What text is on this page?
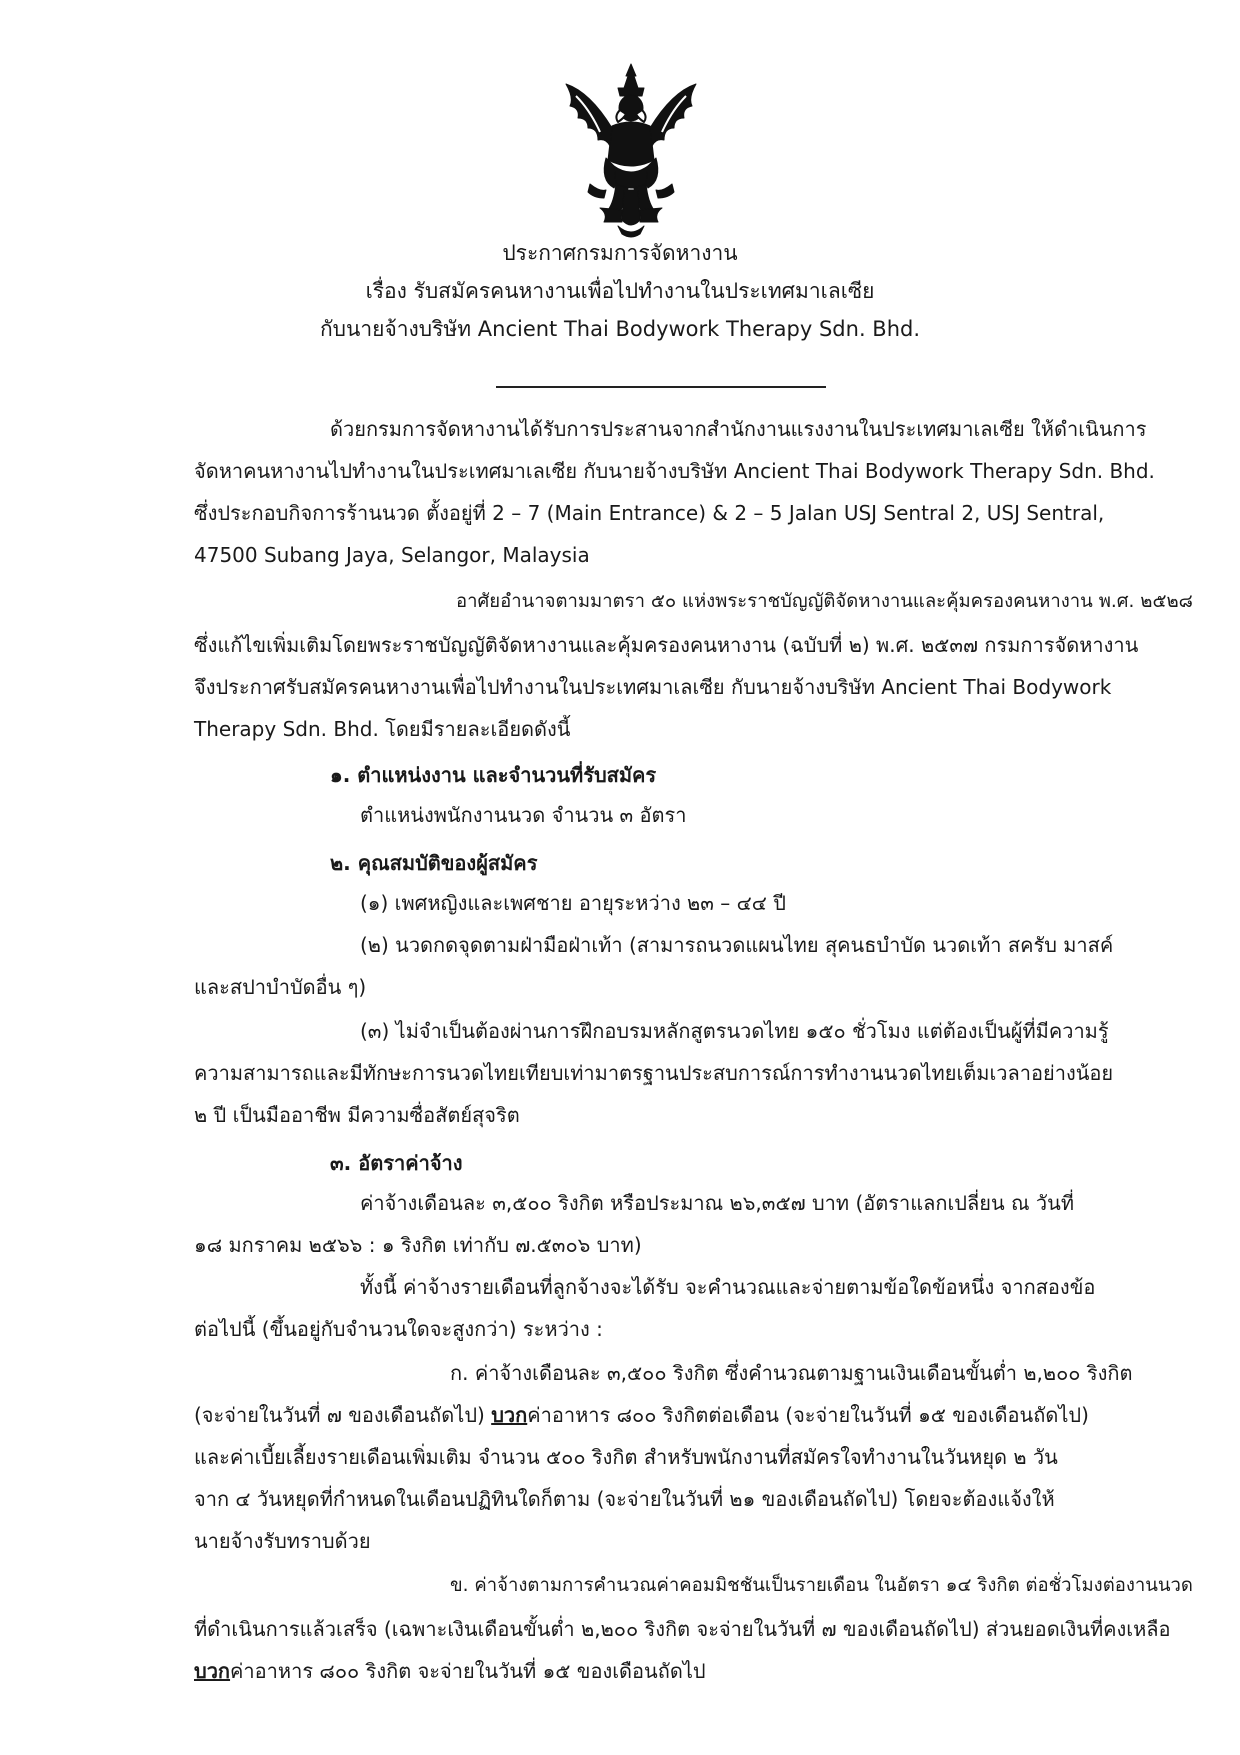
ประกาศกรมการจัดหางาน
เรื่อง รับสมัครคนหางานเพื่อไปทำงานในประเทศมาเลเซีย
กับนายจ้างบริษัท Ancient Thai Bodywork Therapy Sdn. Bhd.
ด้วยกรมการจัดหางานได้รับการประสานจากสำนักงานแรงงานในประเทศมาเลเซีย ให้ดำเนินการ
จัดหาคนหางานไปทำงานในประเทศมาเลเซีย กับนายจ้างบริษัท Ancient Thai Bodywork Therapy Sdn. Bhd.
ซึ่งประกอบกิจการร้านนวด ตั้งอยู่ที่ 2 – 7 (Main Entrance) & 2 – 5 Jalan USJ Sentral 2, USJ Sentral,
47500 Subang Jaya, Selangor, Malaysia
อาศัยอำนาจตามมาตรา ๕๐ แห่งพระราชบัญญัติจัดหางานและคุ้มครองคนหางาน พ.ศ. ๒๕๒๘
ซึ่งแก้ไขเพิ่มเติมโดยพระราชบัญญัติจัดหางานและคุ้มครองคนหางาน (ฉบับที่ ๒) พ.ศ. ๒๕๓๗ กรมการจัดหางาน
จึงประกาศรับสมัครคนหางานเพื่อไปทำงานในประเทศมาเลเซีย กับนายจ้างบริษัท Ancient Thai Bodywork
Therapy Sdn. Bhd. โดยมีรายละเอียดดังนี้
๑. ตำแหน่งงาน และจำนวนที่รับสมัคร
ตำแหน่งพนักงานนวด จำนวน ๓ อัตรา
๒. คุณสมบัติของผู้สมัคร
(๑) เพศหญิงและเพศชาย อายุระหว่าง ๒๓ – ๔๔ ปี
(๒) นวดกดจุดตามฝ่ามือฝ่าเท้า (สามารถนวดแผนไทย สุคนธบำบัด นวดเท้า สครับ มาสค์
และสปาบำบัดอื่น ๆ)
(๓) ไม่จำเป็นต้องผ่านการฝึกอบรมหลักสูตรนวดไทย ๑๕๐ ชั่วโมง แต่ต้องเป็นผู้ที่มีความรู้
ความสามารถและมีทักษะการนวดไทยเทียบเท่ามาตรฐานประสบการณ์การทำงานนวดไทยเต็มเวลาอย่างน้อย
๒ ปี เป็นมืออาชีพ มีความซื่อสัตย์สุจริต
๓. อัตราค่าจ้าง
ค่าจ้างเดือนละ ๓,๕๐๐ ริงกิต หรือประมาณ ๒๖,๓๕๗ บาท (อัตราแลกเปลี่ยน ณ วันที่
๑๘ มกราคม ๒๕๖๖ : ๑ ริงกิต เท่ากับ ๗.๕๓๐๖ บาท)
ทั้งนี้ ค่าจ้างรายเดือนที่ลูกจ้างจะได้รับ จะคำนวณและจ่ายตามข้อใดข้อหนึ่ง จากสองข้อ
ต่อไปนี้ (ขึ้นอยู่กับจำนวนใดจะสูงกว่า) ระหว่าง :
ก. ค่าจ้างเดือนละ ๓,๕๐๐ ริงกิต ซึ่งคำนวณตามฐานเงินเดือนขั้นต่ำ ๒,๒๐๐ ริงกิต
(จะจ่ายในวันที่ ๗ ของเดือนถัดไป) บวกค่าอาหาร ๘๐๐ ริงกิตต่อเดือน (จะจ่ายในวันที่ ๑๕ ของเดือนถัดไป)
และค่าเบี้ยเลี้ยงรายเดือนเพิ่มเติม จำนวน ๕๐๐ ริงกิต สำหรับพนักงานที่สมัครใจทำงานในวันหยุด ๒ วัน
จาก ๔ วันหยุดที่กำหนดในเดือนปฏิทินใดก็ตาม (จะจ่ายในวันที่ ๒๑ ของเดือนถัดไป) โดยจะต้องแจ้งให้
นายจ้างรับทราบด้วย
ข. ค่าจ้างตามการคำนวณค่าคอมมิชชันเป็นรายเดือน ในอัตรา ๑๔ ริงกิต ต่อชั่วโมงต่องานนวด
ที่ดำเนินการแล้วเสร็จ (เฉพาะเงินเดือนขั้นต่ำ ๒,๒๐๐ ริงกิต จะจ่ายในวันที่ ๗ ของเดือนถัดไป) ส่วนยอดเงินที่คงเหลือ
บวกค่าอาหาร ๘๐๐ ริงกิต จะจ่ายในวันที่ ๑๕ ของเดือนถัดไป
